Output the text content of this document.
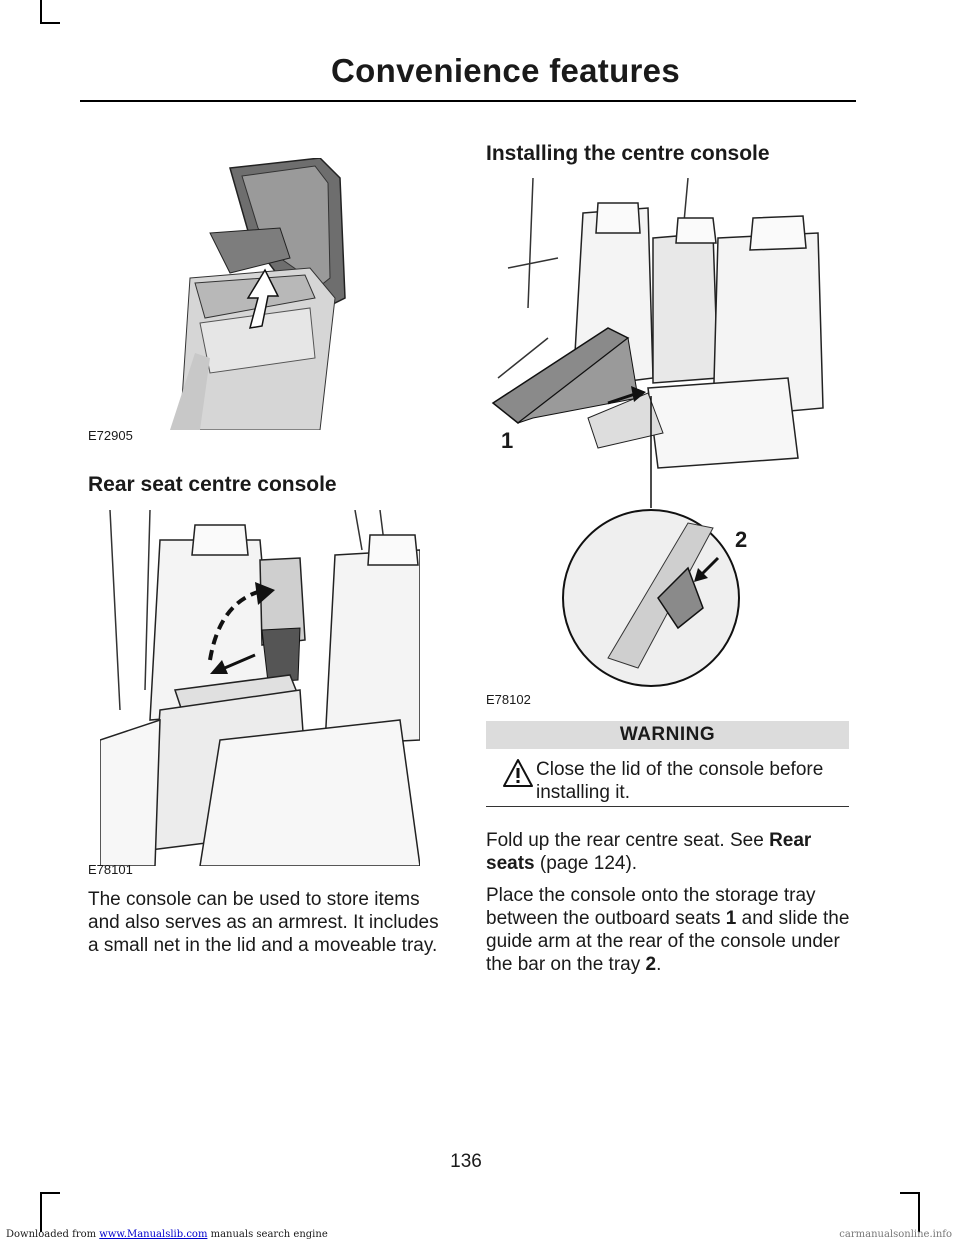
Convenience features
E72905
Rear seat centre console
E78101
The console can be used to store items and also serves as an armrest. It includes a small net in the lid and a moveable tray.
Installing the centre console
1
2
E78102
WARNING
Close the lid of the console before installing it.
Fold up the rear centre seat. See Rear seats (page 124).
Place the console onto the storage tray between the outboard seats 1 and slide the guide arm at the rear of the console under the bar on the tray 2.
136
Downloaded from www.Manualslib.com manuals search engine	carmanualsonline.info
